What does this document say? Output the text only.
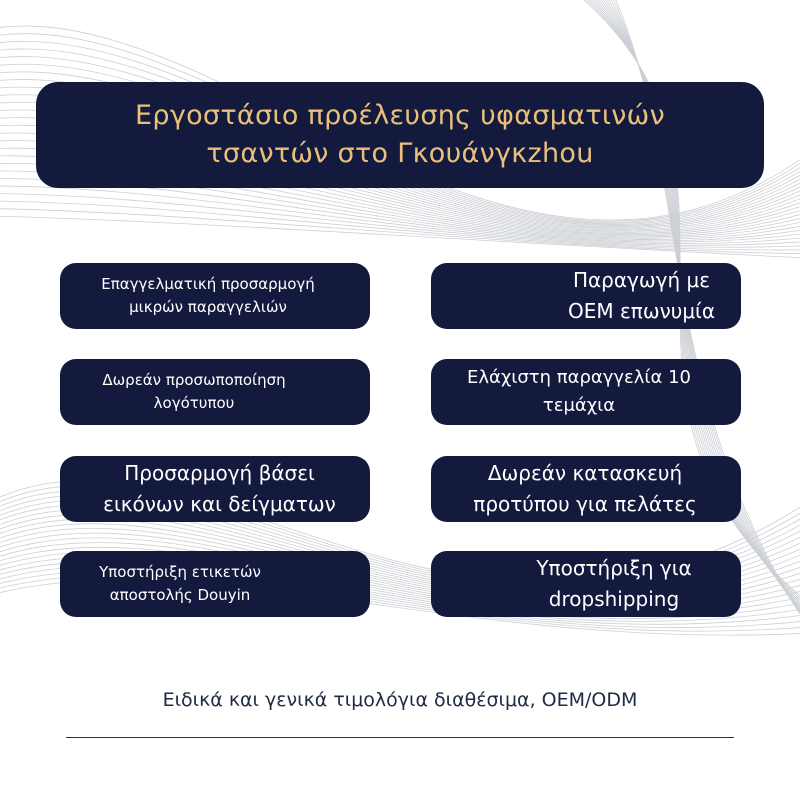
Εργοστάσιο προέλευσης υφασματινών τσαντών στο Γκουάνγκzhou
Επαγγελματική προσαρμογή μικρών παραγγελιών
Παραγωγή με OEM επωνυμία
Δωρεάν προσωποποίηση λογότυπου
Ελάχιστη παραγγελία 10 τεμάχια
Προσαρμογή βάσει εικόνων και δείγματων
Δωρεάν κατασκευή προτύπου για πελάτες
Υποστήριξη ετικετών αποστολής Douyin
Υποστήριξη για dropshipping

Ειδικά και γενικά τιμολόγια διαθέσιμα, OEM/ODM
